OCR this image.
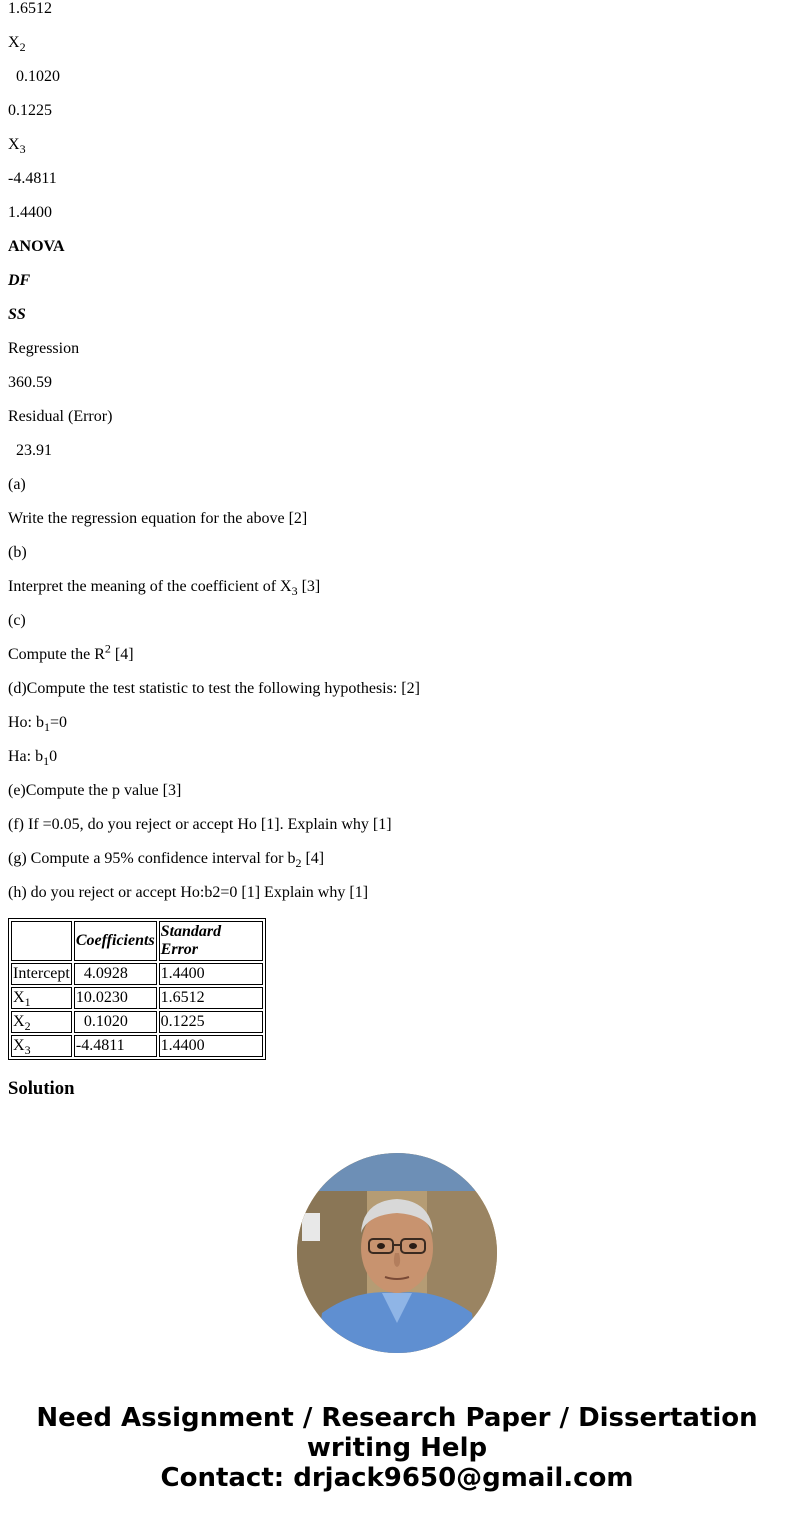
1.6512
$X_2$
0.1020
0.1225
$X_3$
-4.4811
1.4400
ANOVA
DF
SS
Regression
360.59
Residual (Error)
23.91
(a)
Write the regression equation for the above [2]
(b)
Interpret the meaning of the coefficient of $X_3$ [3]
(c)
Compute the $R^2$ [4]
(d)Compute the test statistic to test the following hypothesis: [2]
Ho: $b_1=0$
Ha: $b_10$
(e)Compute the p value [3]
(f) If =0.05, do you reject or accept Ho [1]. Explain why [1]
(g) Compute a 95% confidence interval for $b_2$ [4]
(h) do you reject or accept Ho:b2=0 [1] Explain why [1]
	Coefficients	Standard Error
Intercept	4.0928	1.4400
$X_1$	10.0230	1.6512
$X_2$	0.1020	0.1225
$X_3$	-4.4811	1.4400
Solution
Need Assignment / Research Paper / Dissertation
writing Help
Contact: drjack9650@gmail.com
